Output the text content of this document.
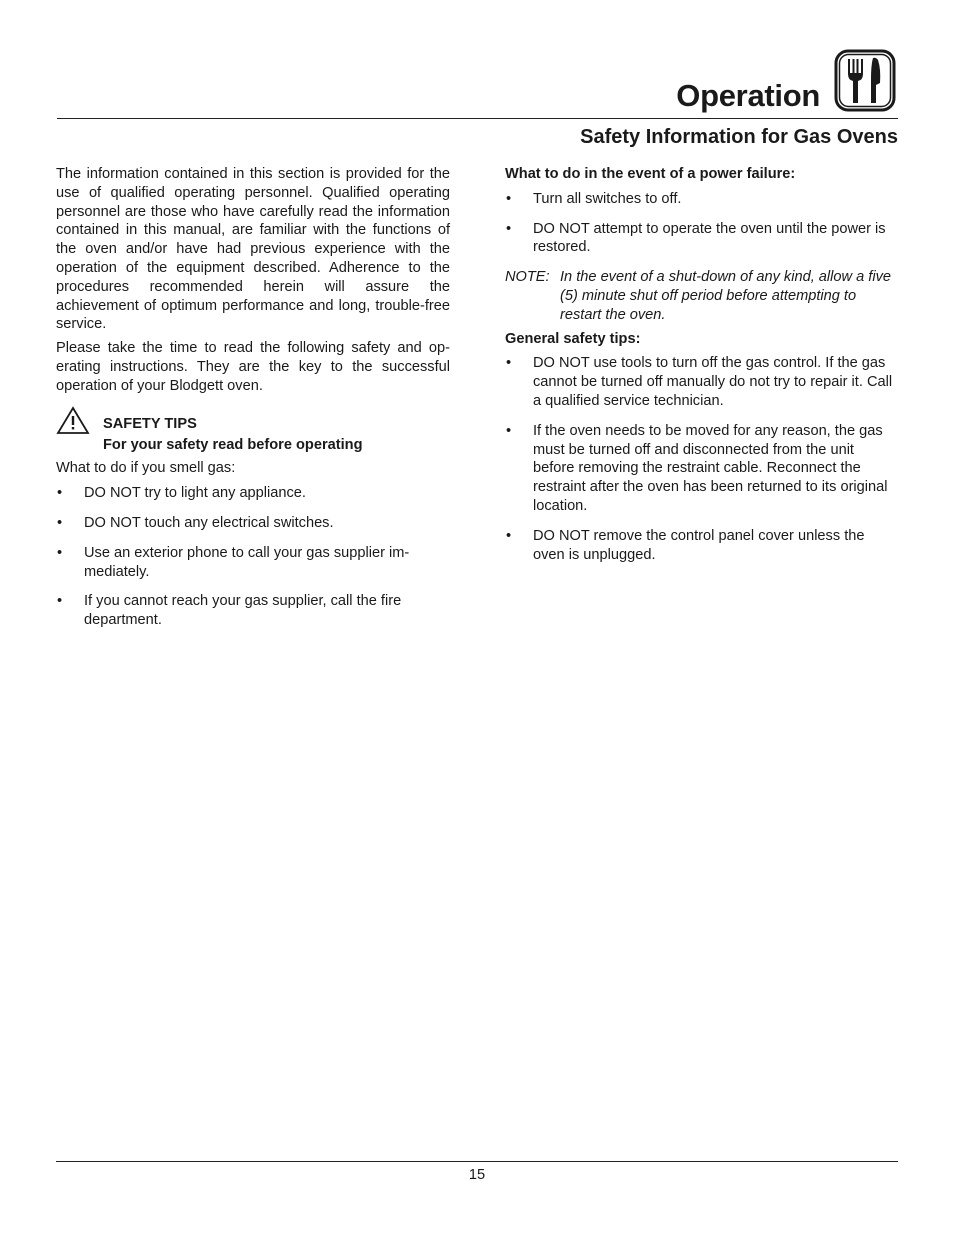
Operation
Safety Information for Gas Ovens

The information contained in this section is provided for the use of qualified operating personnel. Qualified operating personnel are those who have carefully read the information contained in this manual, are familiar with the functions of the oven and/or have had previous experience with the operation of the equipment described. Adherence to the procedures recommended herein will assure the achievement of optimum performance and long, trouble-free service.

Please take the time to read the following safety and operating instructions. They are the key to the successful operation of your Blodgett oven.

SAFETY TIPS

For your safety read before operating

What to do if you smell gas:

• DO NOT try to light any appliance.
• DO NOT touch any electrical switches.
• Use an exterior phone to call your gas supplier immediately.
• If you cannot reach your gas supplier, call the fire department.

What to do in the event of a power failure:

• Turn all switches to off.
• DO NOT attempt to operate the oven until the power is restored.
NOTE: In the event of a shut-down of any kind, allow a five (5) minute shut off period before attempting to restart the oven.

General safety tips:

• DO NOT use tools to turn off the gas control. If the gas cannot be turned off manually do not try to repair it. Call a qualified service technician.
• If the oven needs to be moved for any reason, the gas must be turned off and disconnected from the unit before removing the restraint cable. Reconnect the restraint after the oven has been returned to its original location.
• DO NOT remove the control panel cover unless the oven is unplugged.
15
